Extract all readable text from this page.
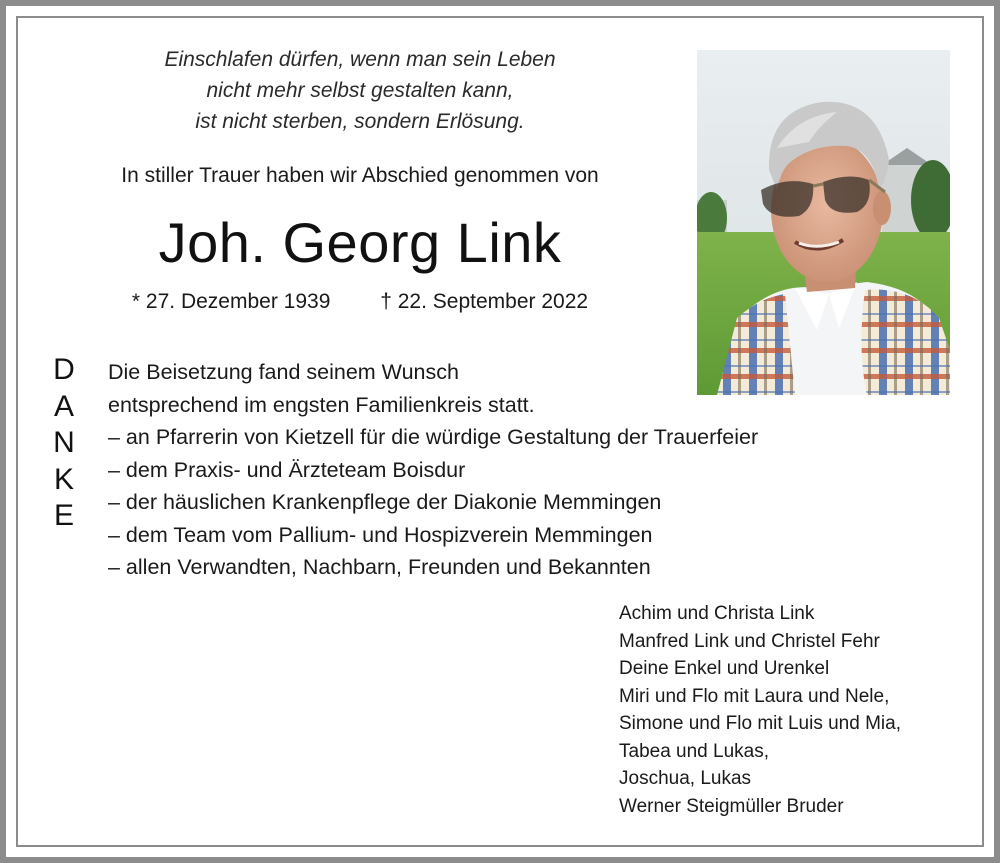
Einschlafen dürfen, wenn man sein Leben
nicht mehr selbst gestalten kann,
ist nicht sterben, sondern Erlösung.
In stiller Trauer haben wir Abschied genommen von
Joh. Georg Link
* 27. Dezember 1939 † 22. September 2022
D
A
N
K
E
Die Beisetzung fand seinem Wunsch
entsprechend im engsten Familienkreis statt.
– an Pfarrerin von Kietzell für die würdige Gestaltung der Trauerfeier
– dem Praxis- und Ärzteteam Boisdur
– der häuslichen Krankenpflege der Diakonie Memmingen
– dem Team vom Pallium- und Hospizverein Memmingen
– allen Verwandten, Nachbarn, Freunden und Bekannten
Achim und Christa Link
Manfred Link und Christel Fehr
Deine Enkel und Urenkel
Miri und Flo mit Laura und Nele,
Simone und Flo mit Luis und Mia,
Tabea und Lukas,
Joschua, Lukas
Werner Steigmüller Bruder
